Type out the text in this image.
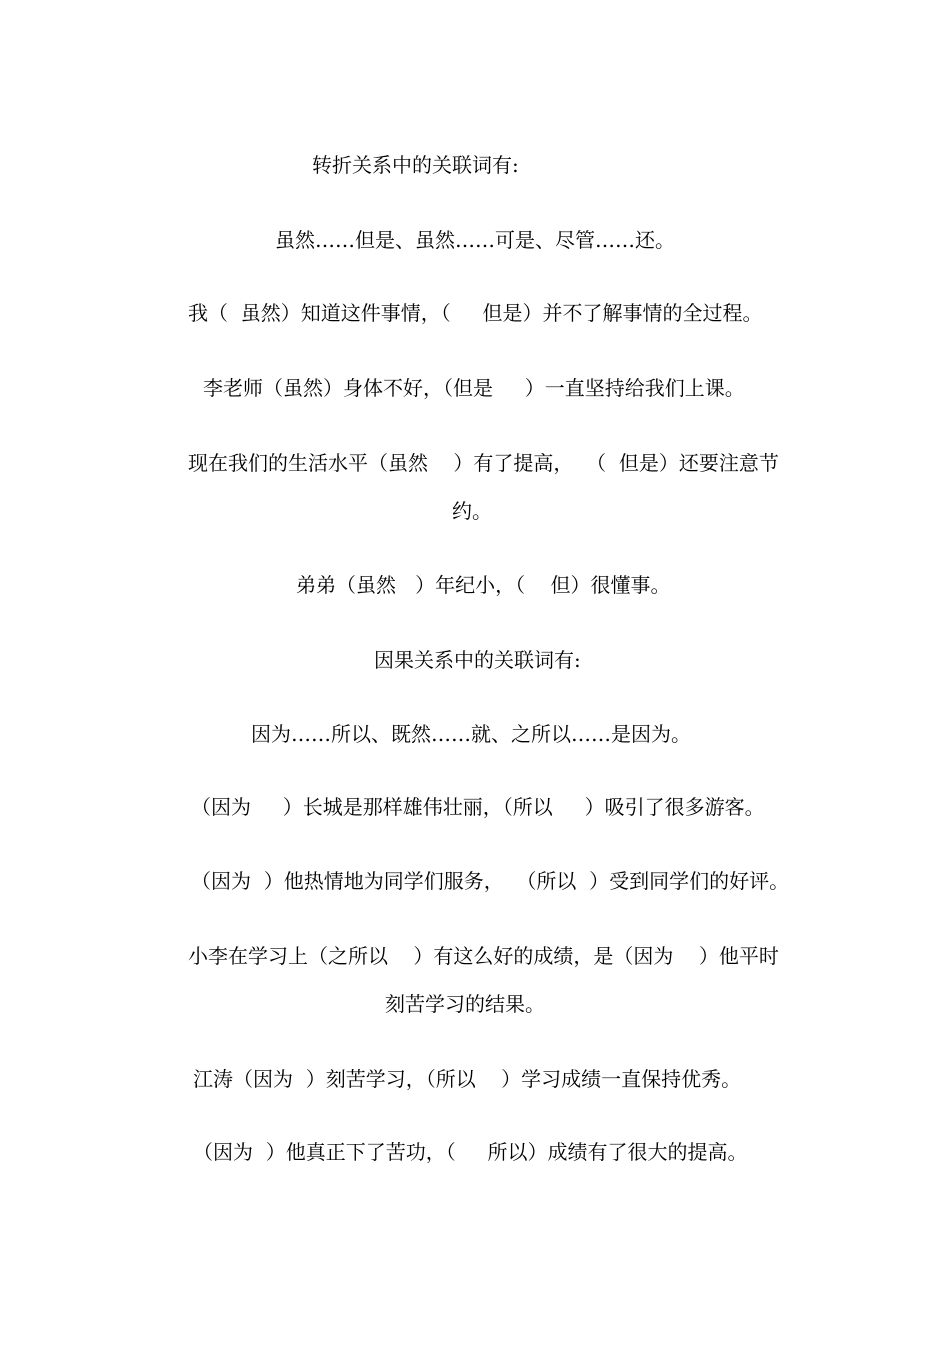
转折关系中的关联词有:
虽然……但是、虽然……可是、尽管……还。
我（  虽然）知道这件事情，（     但是）并不了解事情的全过程。
李老师（虽然）身体不好，（但是     ）一直坚持给我们上课。
现在我们的生活水平（虽然    ）有了提高，  （  但是）还要注意节
约。
弟弟（虽然   ）年纪小，（    但）很懂事。
因果关系中的关联词有:
因为……所以、既然……就、之所以……是因为。
（因为     ）长城是那样雄伟壮丽，（所以     ）吸引了很多游客。
（因为  ）他热情地为同学们服务，  （所以  ）受到同学们的好评。
小李在学习上（之所以    ）有这么好的成绩，是（因为    ）他平时
刻苦学习的结果。
江涛（因为  ）刻苦学习，（所以    ）学习成绩一直保持优秀。
（因为  ）他真正下了苦功，（     所以）成绩有了很大的提高。
